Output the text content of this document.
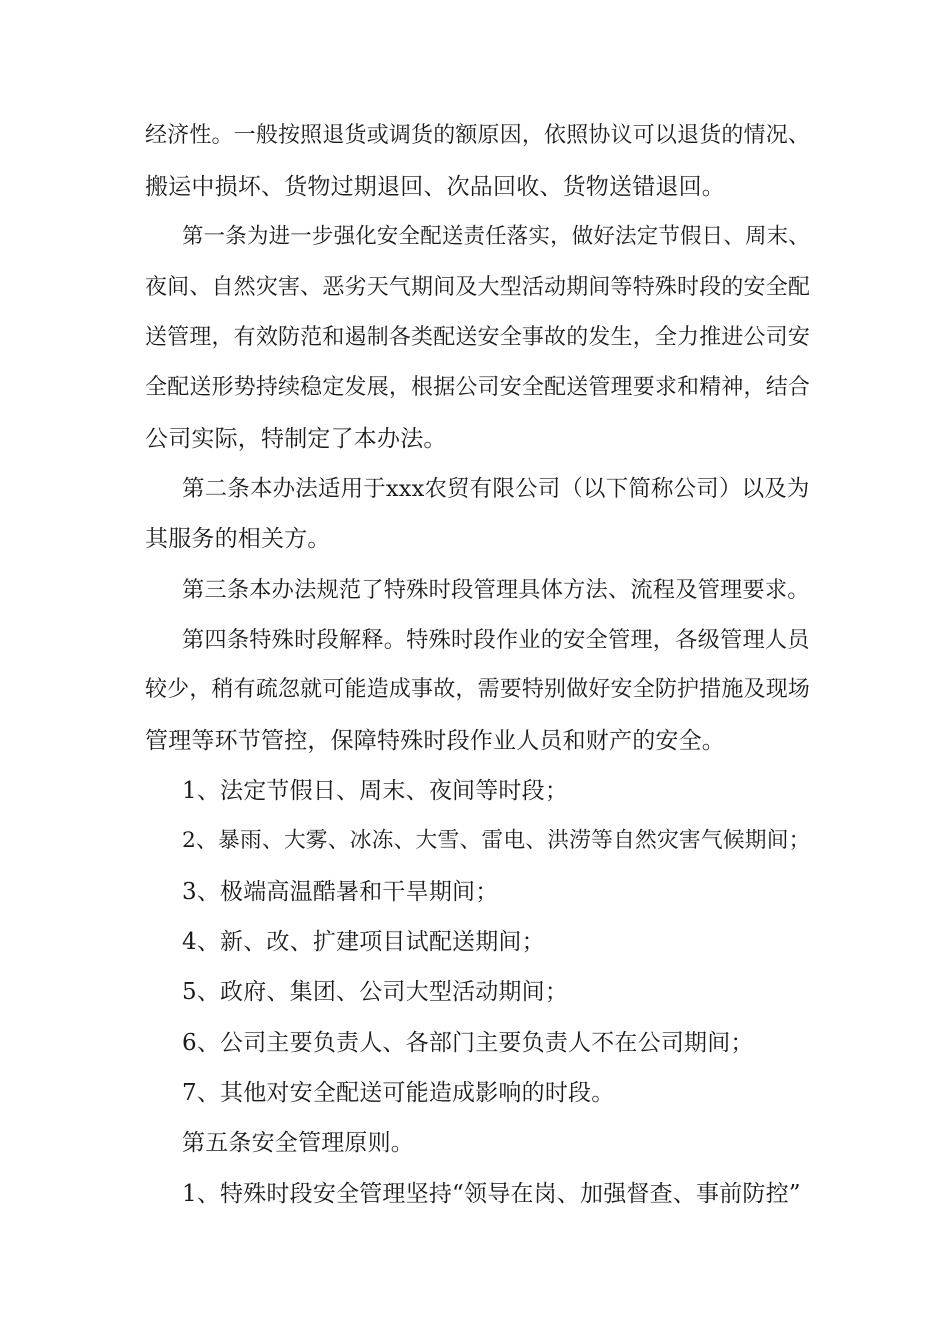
经济性。一般按照退货或调货的额原因，依照协议可以退货的情况、
搬运中损坏、货物过期退回、次品回收、货物送错退回。
第一条为进一步强化安全配送责任落实，做好法定节假日、周末、
夜间、自然灾害、恶劣天气期间及大型活动期间等特殊时段的安全配
送管理，有效防范和遏制各类配送安全事故的发生，全力推进公司安
全配送形势持续稳定发展，根据公司安全配送管理要求和精神，结合
公司实际，特制定了本办法。
第二条本办法适用于xxx农贸有限公司（以下简称公司）以及为
其服务的相关方。
第三条本办法规范了特殊时段管理具体方法、流程及管理要求。
第四条特殊时段解释。特殊时段作业的安全管理，各级管理人员
较少，稍有疏忽就可能造成事故，需要特别做好安全防护措施及现场
管理等环节管控，保障特殊时段作业人员和财产的安全。
1、法定节假日、周末、夜间等时段；
2、暴雨、大雾、冰冻、大雪、雷电、洪涝等自然灾害气候期间；
3、极端高温酷暑和干旱期间；
4、新、改、扩建项目试配送期间；
5、政府、集团、公司大型活动期间；
6、公司主要负责人、各部门主要负责人不在公司期间；
7、其他对安全配送可能造成影响的时段。
第五条安全管理原则。
1、特殊时段安全管理坚持“领导在岗、加强督查、事前防控”
